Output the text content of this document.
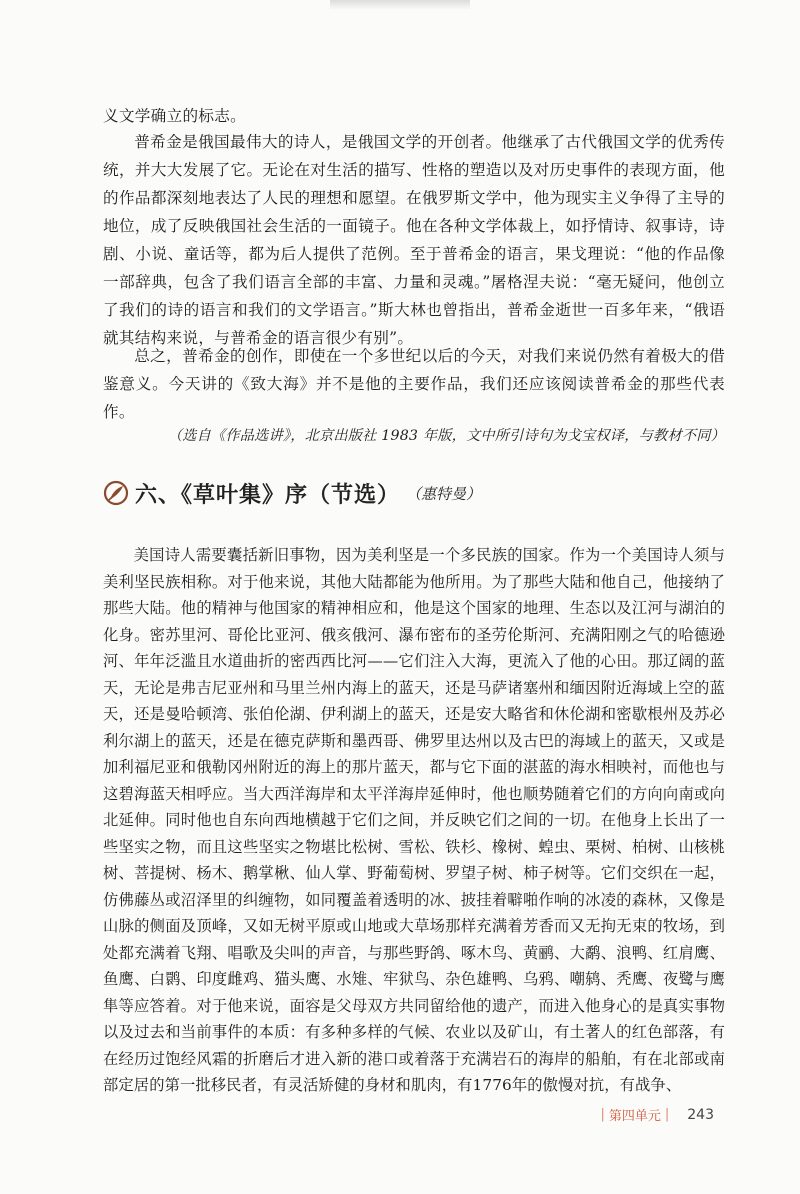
义文学确立的标志。

普希金是俄国最伟大的诗人，是俄国文学的开创者。他继承了古代俄国文学的优秀传统，并大大发展了它。无论在对生活的描写、性格的塑造以及对历史事件的表现方面，他的作品都深刻地表达了人民的理想和愿望。在俄罗斯文学中，他为现实主义争得了主导的地位，成了反映俄国社会生活的一面镜子。他在各种文学体裁上，如抒情诗、叙事诗，诗剧、小说、童话等，都为后人提供了范例。至于普希金的语言，果戈理说：“他的作品像一部辞典，包含了我们语言全部的丰富、力量和灵魂。”屠格涅夫说：“毫无疑问，他创立了我们的诗的语言和我们的文学语言。”斯大林也曾指出，普希金逝世一百多年来，“俄语就其结构来说，与普希金的语言很少有别”。

总之，普希金的创作，即使在一个多世纪以后的今天，对我们来说仍然有着极大的借鉴意义。今天讲的《致大海》并不是他的主要作品，我们还应该阅读普希金的那些代表作。

（选自《作品选讲》，北京出版社 1983 年版，文中所引诗句为戈宝权译，与教材不同）
六、《草叶集》序（节选） （惠特曼）

美国诗人需要囊括新旧事物，因为美利坚是一个多民族的国家。作为一个美国诗人须与美利坚民族相称。对于他来说，其他大陆都能为他所用。为了那些大陆和他自己，他接纳了那些大陆。他的精神与他国家的精神相应和，他是这个国家的地理、生态以及江河与湖泊的化身。密苏里河、哥伦比亚河、俄亥俄河、瀑布密布的圣劳伦斯河、充满阳刚之气的哈德逊河、年年泛滥且水道曲折的密西西比河——它们注入大海，更流入了他的心田。那辽阔的蓝天，无论是弗吉尼亚州和马里兰州内海上的蓝天，还是马萨诸塞州和缅因附近海域上空的蓝天，还是曼哈顿湾、张伯伦湖、伊利湖上的蓝天，还是安大略省和休伦湖和密歇根州及苏必利尔湖上的蓝天，还是在德克萨斯和墨西哥、佛罗里达州以及古巴的海域上的蓝天，又或是加利福尼亚和俄勒冈州附近的海上的那片蓝天，都与它下面的湛蓝的海水相映衬，而他也与这碧海蓝天相呼应。当大西洋海岸和太平洋海岸延伸时，他也顺势随着它们的方向向南或向北延伸。同时他也自东向西地横越于它们之间，并反映它们之间的一切。在他身上长出了一些坚实之物，而且这些坚实之物堪比松树、雪松、铁杉、橡树、蝗虫、栗树、柏树、山核桃树、菩提树、杨木、鹅掌楸、仙人掌、野葡萄树、罗望子树、柿子树等。它们交织在一起，仿佛藤丛或沼泽里的纠缠物，如同覆盖着透明的冰、披挂着噼啪作响的冰凌的森林，又像是山脉的侧面及顶峰，又如无树平原或山地或大草场那样充满着芳香而又无拘无束的牧场，到处都充满着飞翔、唱歌及尖叫的声音，与那些野鸽、啄木鸟、黄鹂、大鹬、浪鸭、红肩鹰、鱼鹰、白鹮、印度雌鸡、猫头鹰、水雉、牢狱鸟、杂色雄鸭、乌鸦、嘲鸫、秃鹰、夜鹭与鹰隼等应答着。对于他来说，面容是父母双方共同留给他的遗产，而进入他身心的是真实事物以及过去和当前事件的本质：有多种多样的气候、农业以及矿山，有土著人的红色部落，有在经历过饱经风霜的折磨后才进入新的港口或着落于充满岩石的海岸的船舶，有在北部或南部定居的第一批移民者，有灵活矫健的身材和肌肉，有1776年的傲慢对抗，有战争、

| 第四单元 | 243
